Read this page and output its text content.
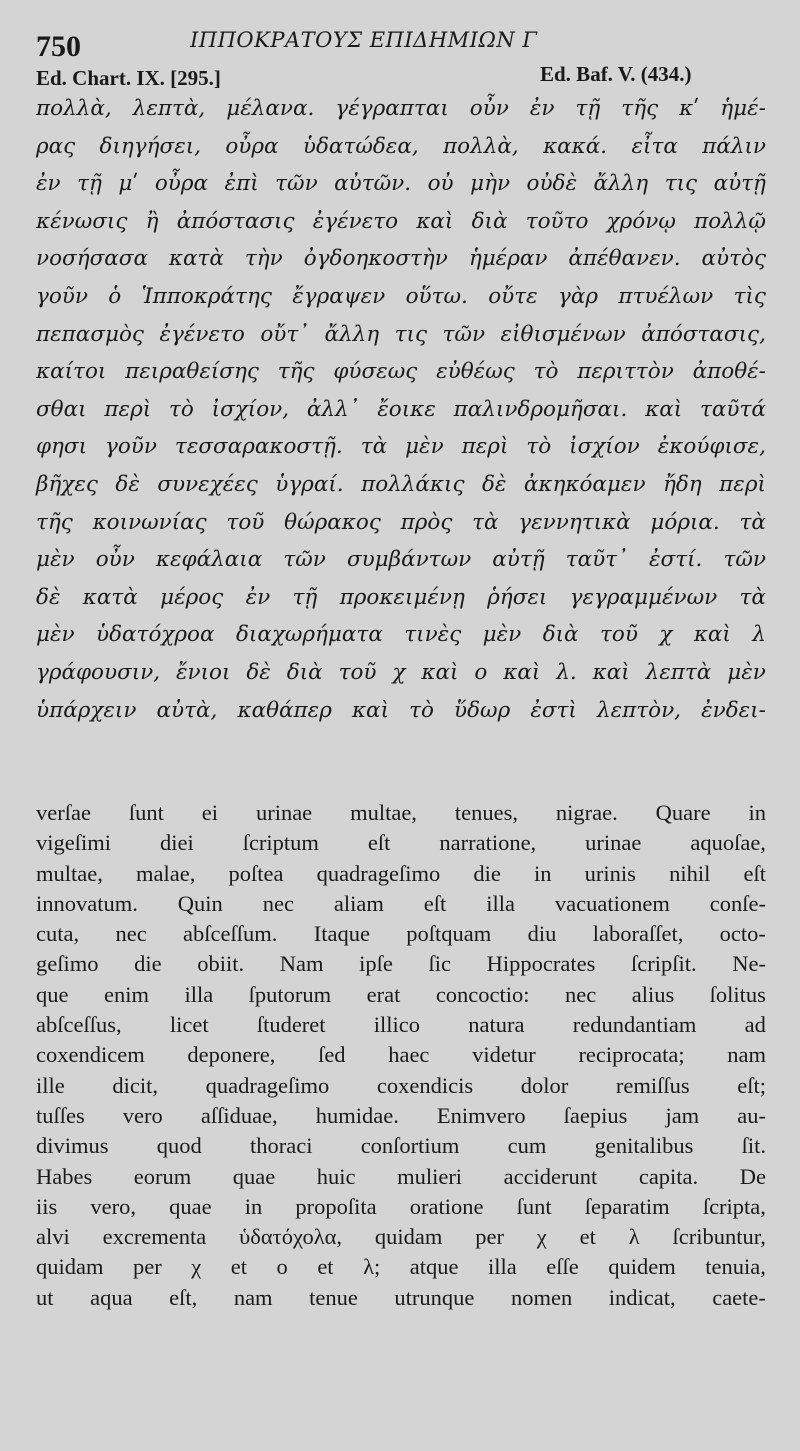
750	ΙΠΠΟΚΡΑΤΟΥΣ ΕΠΙΔΗΜΙΩΝ Γ
Ed. Chart. IX. [295.]	Ed. Baf. V. (434.)
πολλὰ, λεπτὰ, μέλανα. γέγραπται οὖν ἐν τῇ τῆς κʹ ἡμέ-
ρας διηγήσει, οὖρα ὑδατώδεα, πολλὰ, κακά. εἶτα πάλιν
ἐν τῇ μʹ οὖρα ἐπὶ τῶν αὐτῶν. οὐ μὴν οὐδὲ ἄλλη τις αὐτῇ
κένωσις ἢ ἀπόστασις ἐγένετο καὶ διὰ τοῦτο χρόνῳ πολλῷ
νοσήσασα κατὰ τὴν ὀγδοηκοστὴν ἡμέραν ἀπέθανεν. αὐτὸς
γοῦν ὁ Ἱπποκράτης ἔγραψεν οὕτω. οὔτε γὰρ πτυέλων τὶς
πεπασμὸς ἐγένετο οὔτ᾽ ἄλλη τις τῶν εἰθισμένων ἀπόστασις,
καίτοι πειραθείσης τῆς φύσεως εὐθέως τὸ περιττὸν ἀποθέ-
σθαι περὶ τὸ ἰσχίον, ἀλλ᾽ ἔοικε παλινδρομῆσαι. καὶ ταῦτά
φησι γοῦν τεσσαρακοστῇ. τὰ μὲν περὶ τὸ ἰσχίον ἐκούφισε,
βῆχες δὲ συνεχέες ὑγραί. πολλάκις δὲ ἀκηκόαμεν ἤδη περὶ
τῆς κοινωνίας τοῦ θώρακος πρὸς τὰ γεννητικὰ μόρια. τὰ
μὲν οὖν κεφάλαια τῶν συμβάντων αὐτῇ ταῦτ᾽ ἐστί. τῶν
δὲ κατὰ μέρος ἐν τῇ προκειμένῃ ῥήσει γεγραμμένων τὰ
μὲν ὑδατόχροα διαχωρήματα τινὲς μὲν διὰ τοῦ χ καὶ λ
γράφουσιν, ἔνιοι δὲ διὰ τοῦ χ καὶ ο καὶ λ. καὶ λεπτὰ μὲν
ὑπάρχειν αὐτὰ, καθάπερ καὶ τὸ ὕδωρ ἐστὶ λεπτὸν, ἐνδει-
verſae ſunt ei urinae multae, tenues, nigrae. Quare in
vigeſimi diei ſcriptum eſt narratione, urinae aquoſae,
multae, malae, poſtea quadrageſimo die in urinis nihil eſt
innovatum. Quin nec aliam eſt illa vacuationem conſe-
cuta, nec abſceſſum. Itaque poſtquam diu laboraſſet, octo-
geſimo die obiit. Nam ipſe ſic Hippocrates ſcripſit. Ne-
que enim illa ſputorum erat concoctio: nec alius ſolitus
abſceſſus, licet ſtuderet illico natura redundantiam ad
coxendicem deponere, ſed haec videtur reciprocata; nam
ille dicit, quadrageſimo coxendicis dolor remiſſus eſt;
tuſſes vero aſſiduae, humidae. Enimvero ſaepius jam au-
divimus quod thoraci conſortium cum genitalibus ſit.
Habes eorum quae huic mulieri acciderunt capita. De
iis vero, quae in propoſita oratione ſunt ſeparatim ſcripta,
alvi excrementa ὑδατόχολα, quidam per χ et λ ſcribuntur,
quidam per χ et ο et λ; atque illa eſſe quidem tenuia,
ut aqua eſt, nam tenue utrunque nomen indicat, caete-
